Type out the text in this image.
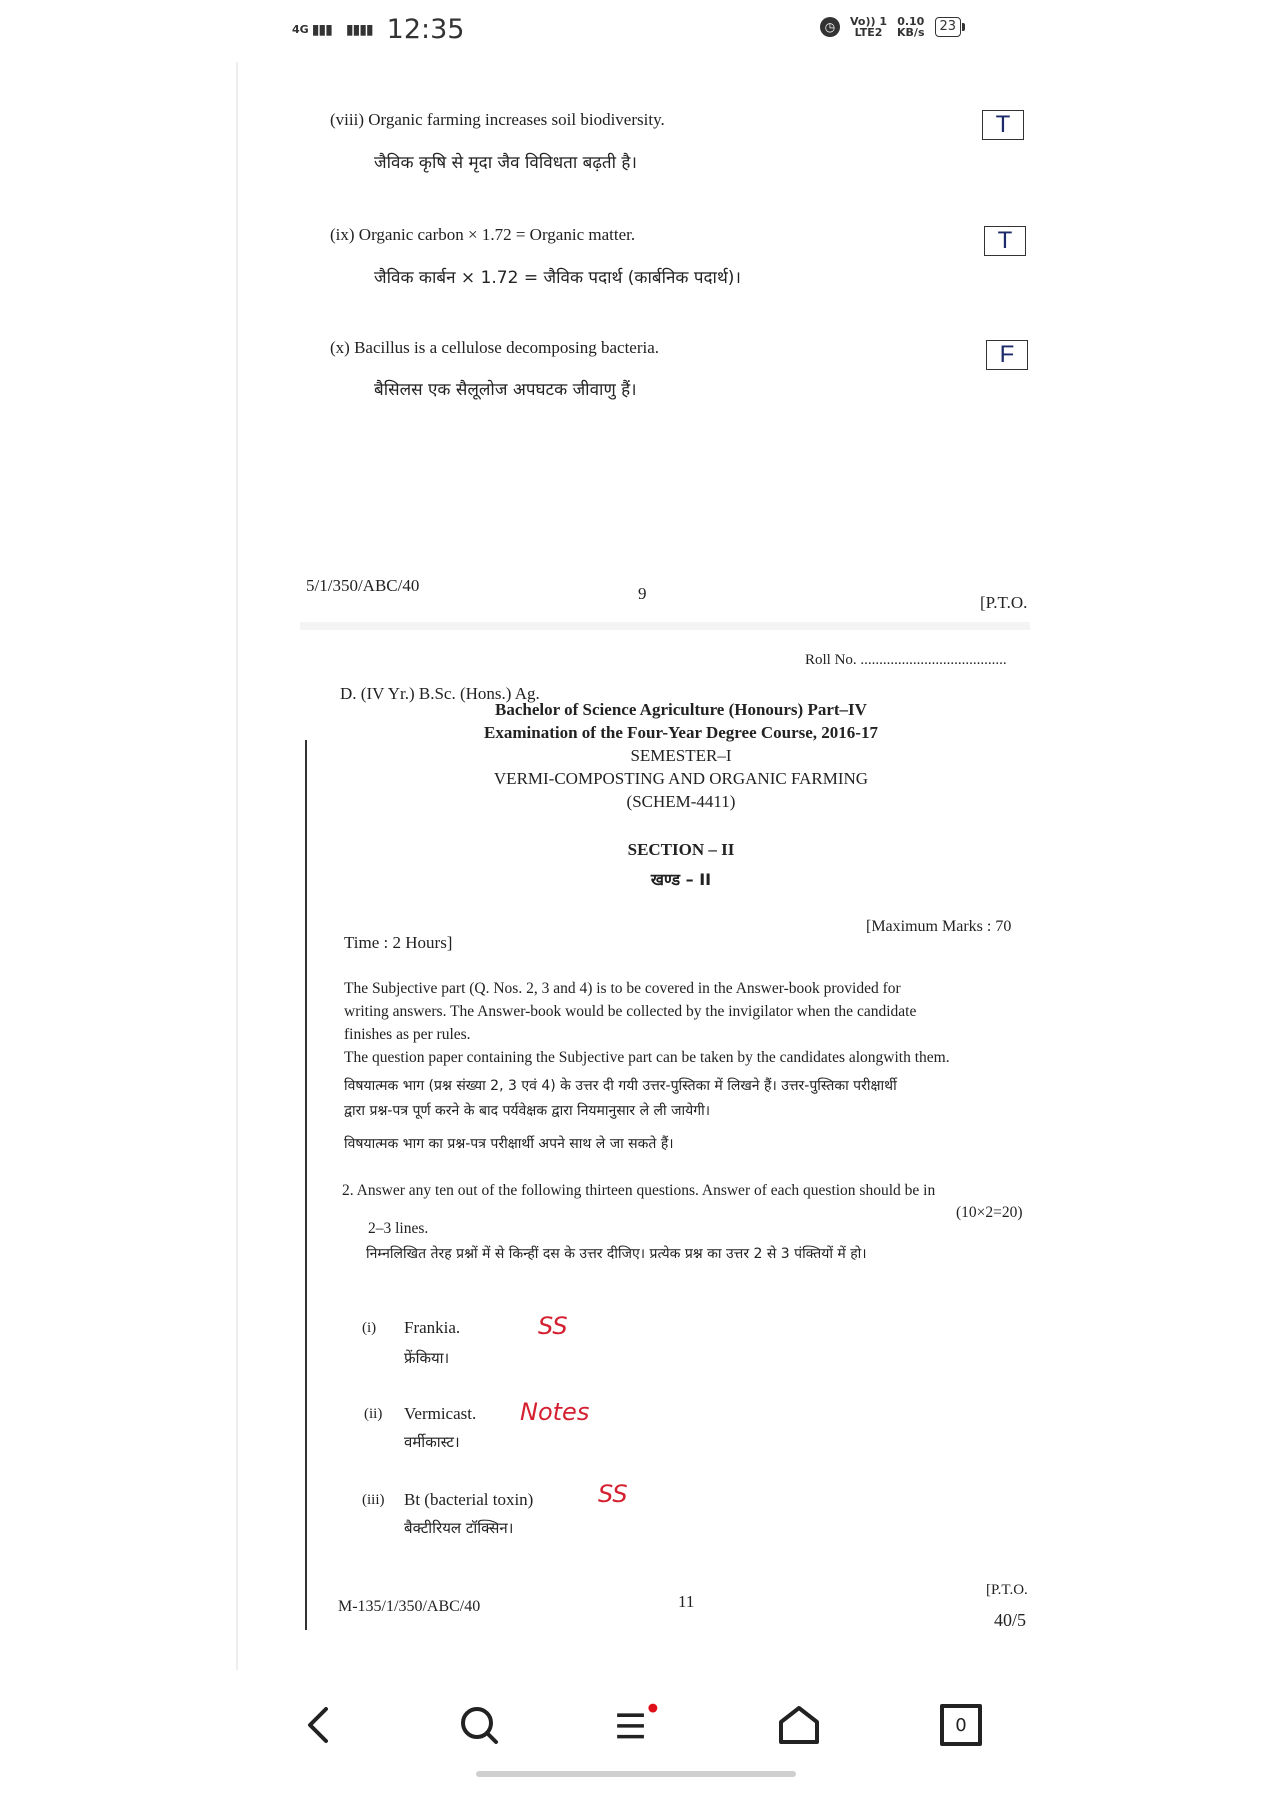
4G ▮▮▮ ▮▮▮▮ 12:35	◷	Vo)) 1
LTE2
0.10
KB/s	23
(viii) Organic farming increases soil biodiversity.
जैविक कृषि से मृदा जैव विविधता बढ़ती है।
T
(ix) Organic carbon × 1.72 = Organic matter.
जैविक कार्बन × 1.72 = जैविक पदार्थ (कार्बनिक पदार्थ)।
T
(x) Bacillus is a cellulose decomposing bacteria.
बैसिलस एक सैलूलोज अपघटक जीवाणु हैं।
F
5/1/350/ABC/40	9	[P.T.O.
Roll No. .......................................
D. (IV Yr.) B.Sc. (Hons.) Ag.
Bachelor of Science Agriculture (Honours) Part–IV
Examination of the Four-Year Degree Course, 2016-17
SEMESTER–I
VERMI-COMPOSTING AND ORGANIC FARMING
(SCHEM-4411)
SECTION – II
खण्ड – II
Time : 2 Hours]
[Maximum Marks : 70
The Subjective part (Q. Nos. 2, 3 and 4) is to be covered in the Answer-book provided for
writing answers. The Answer-book would be collected by the invigilator when the candidate
finishes as per rules.
The question paper containing the Subjective part can be taken by the candidates alongwith them.
विषयात्मक भाग (प्रश्न संख्या 2, 3 एवं 4) के उत्तर दी गयी उत्तर-पुस्तिका में लिखने हैं। उत्तर-पुस्तिका परीक्षार्थी
द्वारा प्रश्न-पत्र पूर्ण करने के बाद पर्यवेक्षक द्वारा नियमानुसार ले ली जायेगी।
विषयात्मक भाग का प्रश्न-पत्र परीक्षार्थी अपने साथ ले जा सकते हैं।
2. Answer any ten out of the following thirteen questions. Answer of each question should be in
(10×2=20)
2–3 lines.
निम्नलिखित तेरह प्रश्नों में से किन्हीं दस के उत्तर दीजिए। प्रत्येक प्रश्न का उत्तर 2 से 3 पंक्तियों में हो।
(i) Frankia.
फ्रेंकिया।
SS
(ii) Vermicast.
वर्मीकास्ट।
Notes
(iii) Bt (bacterial toxin)
बैक्टीरियल टॉक्सिन।
SS
M-135/1/350/ABC/40	11
[P.T.O.
40/5
0
